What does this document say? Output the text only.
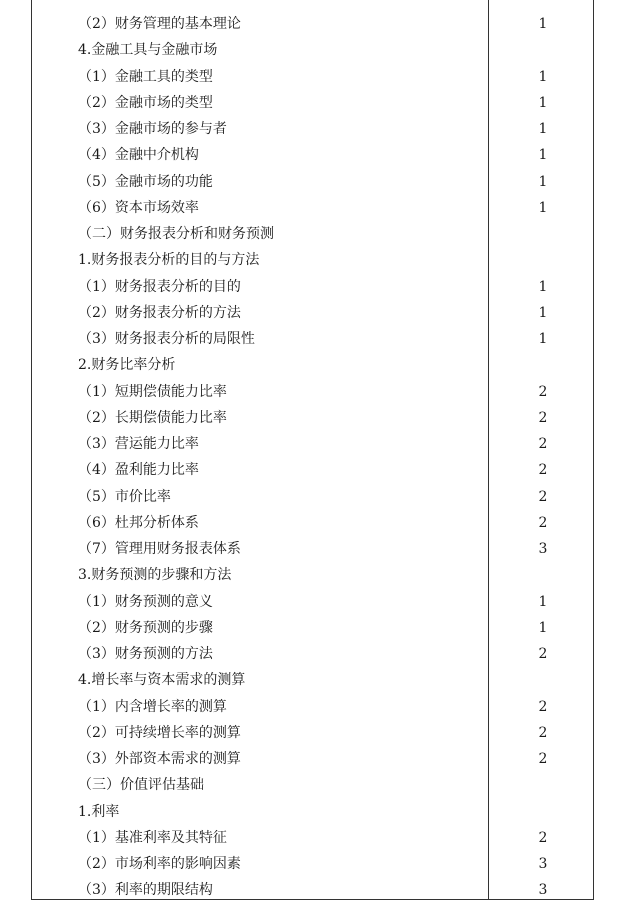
（2）财务管理的基本理论	1
4.金融工具与金融市场
（1）金融工具的类型	1
（2）金融市场的类型	1
（3）金融市场的参与者	1
（4）金融中介机构	1
（5）金融市场的功能	1
（6）资本市场效率	1
（二）财务报表分析和财务预测
1.财务报表分析的目的与方法
（1）财务报表分析的目的	1
（2）财务报表分析的方法	1
（3）财务报表分析的局限性	1
2.财务比率分析
（1）短期偿债能力比率	2
（2）长期偿债能力比率	2
（3）营运能力比率	2
（4）盈利能力比率	2
（5）市价比率	2
（6）杜邦分析体系	2
（7）管理用财务报表体系	3
3.财务预测的步骤和方法
（1）财务预测的意义	1
（2）财务预测的步骤	1
（3）财务预测的方法	2
4.增长率与资本需求的测算
（1）内含增长率的测算	2
（2）可持续增长率的测算	2
（3）外部资本需求的测算	2
（三）价值评估基础
1.利率
（1）基准利率及其特征	2
（2）市场利率的影响因素	3
（3）利率的期限结构	3
